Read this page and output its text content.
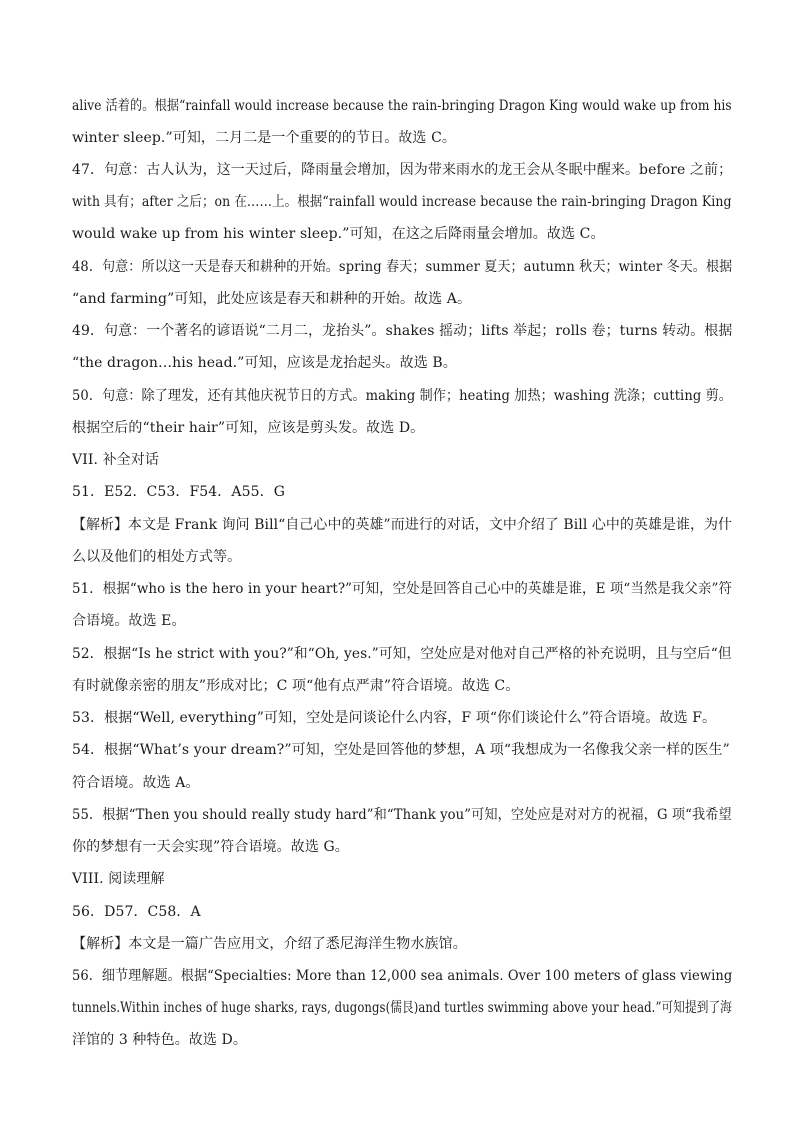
alive 活着的。根据“rainfall would increase because the rain-bringing Dragon King would wake up from his
winter sleep.”可知，二月二是一个重要的的节日。故选 C。
47．句意：古人认为，这一天过后，降雨量会增加，因为带来雨水的龙王会从冬眠中醒来。before 之前；
with 具有；after 之后；on 在……上。根据“rainfall would increase because the rain-bringing Dragon King
would wake up from his winter sleep.”可知，在这之后降雨量会增加。故选 C。
48．句意：所以这一天是春天和耕种的开始。spring 春天；summer 夏天；autumn 秋天；winter 冬天。根据
“and farming”可知，此处应该是春天和耕种的开始。故选 A。
49．句意：一个著名的谚语说“二月二，龙抬头”。shakes 摇动；lifts 举起；rolls 卷；turns 转动。根据
“the dragon…his head.”可知，应该是龙抬起头。故选 B。
50．句意：除了理发，还有其他庆祝节日的方式。making 制作；heating 加热；washing 洗涤；cutting 剪。
根据空后的“their hair”可知，应该是剪头发。故选 D。
VII. 补全对话
51．E52．C53．F54．A55．G
【解析】本文是 Frank 询问 Bill“自己心中的英雄”而进行的对话，文中介绍了 Bill 心中的英雄是谁，为什
么以及他们的相处方式等。
51．根据“who is the hero in your heart?”可知，空处是回答自己心中的英雄是谁，E 项“当然是我父亲”符
合语境。故选 E。
52．根据“Is he strict with you?”和“Oh, yes.”可知，空处应是对他对自己严格的补充说明，且与空后“但
有时就像亲密的朋友”形成对比；C 项“他有点严肃”符合语境。故选 C。
53．根据“Well, everything”可知，空处是问谈论什么内容，F 项“你们谈论什么”符合语境。故选 F。
54．根据“What’s your dream?”可知，空处是回答他的梦想，A 项“我想成为一名像我父亲一样的医生”
符合语境。故选 A。
55．根据“Then you should really study hard”和“Thank you”可知，空处应是对对方的祝福，G 项“我希望
你的梦想有一天会实现”符合语境。故选 G。
VIII. 阅读理解
56．D57．C58．A
【解析】本文是一篇广告应用文，介绍了悉尼海洋生物水族馆。
56．细节理解题。根据“Specialties: More than 12,000 sea animals. Over 100 meters of glass viewing
tunnels.Within inches of huge sharks, rays, dugongs(儒艮)and turtles swimming above your head.”可知提到了海
洋馆的 3 种特色。故选 D。
